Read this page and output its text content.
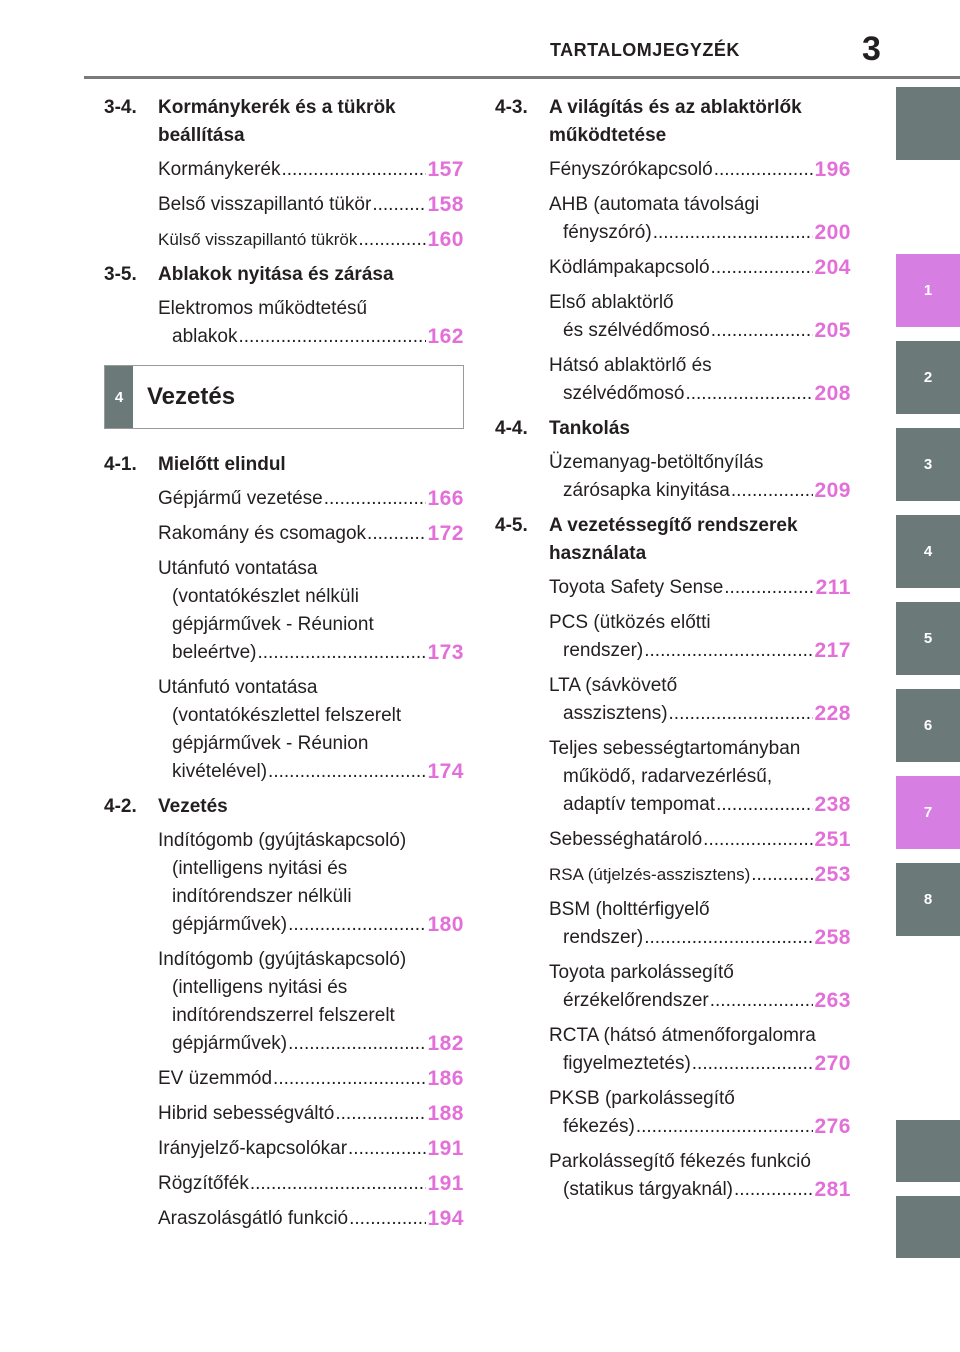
TARTALOMJEGYZÉK	3
1
2
3
4
5
6
7
8
3-4.	Kormánykerék és a tükrök
beállítása
Kormánykerék .....	157
Belső visszapillantó tükör .....	158
Külső visszapillantó tükrök .....	160
3-5.	Ablakok nyitása és zárása
Elektromos működtetésű
ablakok .....	162
4 Vezetés
4-1.	Mielőtt elindul
Gépjármű vezetése .....	166
Rakomány és csomagok .....	172
Utánfutó vontatása
(vontatókészlet nélküli
gépjárművek - Réuniont
beleértve) .....	173
Utánfutó vontatása
(vontatókészlettel felszerelt
gépjárművek - Réunion
kivételével) .....	174
4-2.	Vezetés
Indítógomb (gyújtáskapcsoló)
(intelligens nyitási és
indítórendszer nélküli
gépjárművek) .....	180
Indítógomb (gyújtáskapcsoló)
(intelligens nyitási és
indítórendszerrel felszerelt
gépjárművek) .....	182
EV üzemmód .....	186
Hibrid sebességváltó .....	188
Irányjelző-kapcsolókar .....	191
Rögzítőfék .....	191
Araszolásgátló funkció .....	194
4-3.	A világítás és az ablaktörlők
működtetése
Fényszórókapcsoló .....	196
AHB (automata távolsági
fényszóró) .....	200
Ködlámpakapcsoló .....	204
Első ablaktörlő
és szélvédőmosó .....	205
Hátsó ablaktörlő és
szélvédőmosó .....	208
4-4.	Tankolás
Üzemanyag-betöltőnyílás
zárósapka kinyitása .....	209
4-5.	A vezetéssegítő rendszerek
használata
Toyota Safety Sense .....	211
PCS (ütközés előtti
rendszer) .....	217
LTA (sávkövető
asszisztens) .....	228
Teljes sebességtartományban
működő, radarvezérlésű,
adaptív tempomat .....	238
Sebességhatároló .....	251
RSA (útjelzés-asszisztens) .....	253
BSM (holttérfigyelő
rendszer) .....	258
Toyota parkolássegítő
érzékelőrendszer .....	263
RCTA (hátsó átmenőforgalomra
figyelmeztetés) .....	270
PKSB (parkolássegítő
fékezés) .....	276
Parkolássegítő fékezés funkció
(statikus tárgyaknál) .....	281
